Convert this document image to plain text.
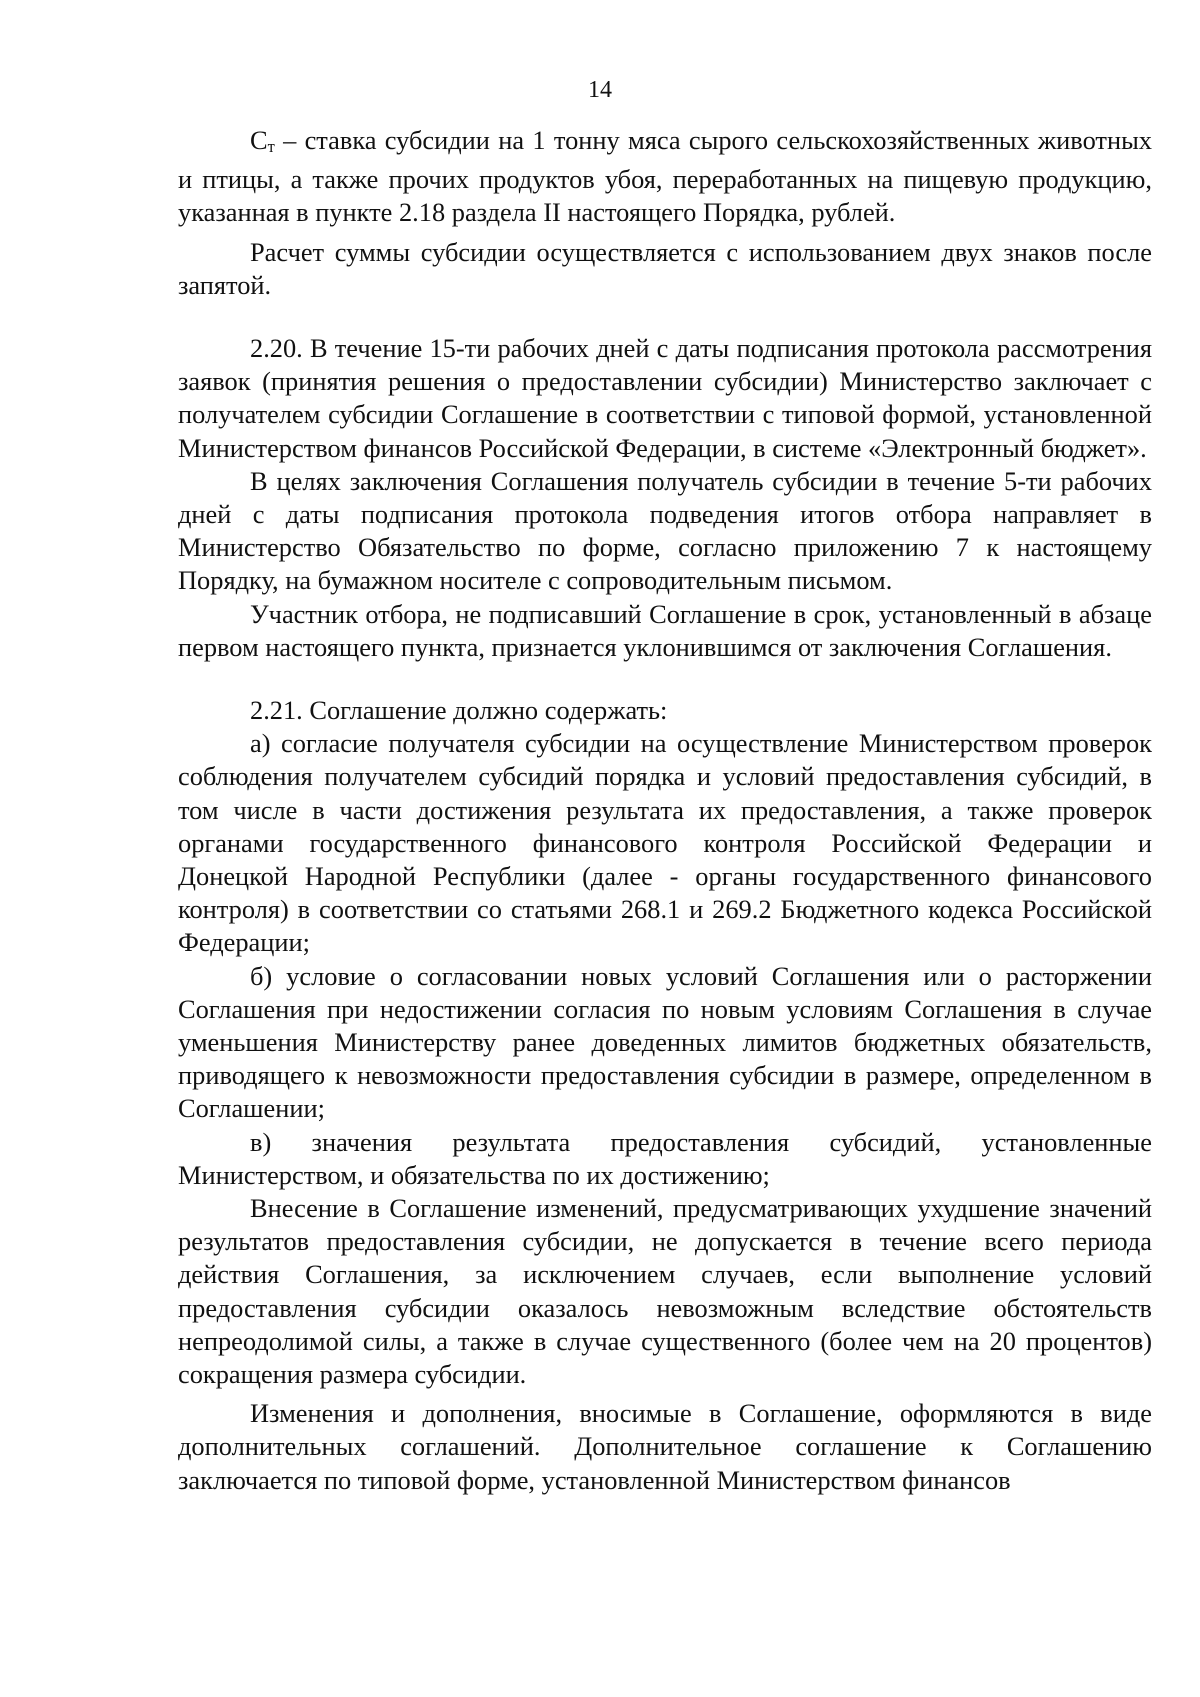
14

Ст – ставка субсидии на 1 тонну мяса сырого сельскохозяйственных животных и птицы, а также прочих продуктов убоя, переработанных на пищевую продукцию, указанная в пункте 2.18 раздела II настоящего Порядка, рублей.

Расчет суммы субсидии осуществляется с использованием двух знаков после запятой.

2.20. В течение 15-ти рабочих дней с даты подписания протокола рассмотрения заявок (принятия решения о предоставлении субсидии) Министерство заключает с получателем субсидии Соглашение в соответствии с типовой формой, установленной Министерством финансов Российской Федерации, в системе «Электронный бюджет».

В целях заключения Соглашения получатель субсидии в течение 5-ти рабочих дней с даты подписания протокола подведения итогов отбора направляет в Министерство Обязательство по форме, согласно приложению 7 к настоящему Порядку, на бумажном носителе с сопроводительным письмом.

Участник отбора, не подписавший Соглашение в срок, установленный в абзаце первом настоящего пункта, признается уклонившимся от заключения Соглашения.

2.21. Соглашение должно содержать:

а) согласие получателя субсидии на осуществление Министерством проверок соблюдения получателем субсидий порядка и условий предоставления субсидий, в том числе в части достижения результата их предоставления, а также проверок органами государственного финансового контроля Российской Федерации и Донецкой Народной Республики (далее - органы государственного финансового контроля) в соответствии со статьями 268.1 и 269.2 Бюджетного кодекса Российской Федерации;

б) условие о согласовании новых условий Соглашения или о расторжении Соглашения при недостижении согласия по новым условиям Соглашения в случае уменьшения Министерству ранее доведенных лимитов бюджетных обязательств, приводящего к невозможности предоставления субсидии в размере, определенном в Соглашении;

в) значения результата предоставления субсидий, установленные Министерством, и обязательства по их достижению;

Внесение в Соглашение изменений, предусматривающих ухудшение значений результатов предоставления субсидии, не допускается в течение всего периода действия Соглашения, за исключением случаев, если выполнение условий предоставления субсидии оказалось невозможным вследствие обстоятельств непреодолимой силы, а также в случае существенного (более чем на 20 процентов) сокращения размера субсидии.

Изменения и дополнения, вносимые в Соглашение, оформляются в виде дополнительных соглашений. Дополнительное соглашение к Соглашению заключается по типовой форме, установленной Министерством финансов
